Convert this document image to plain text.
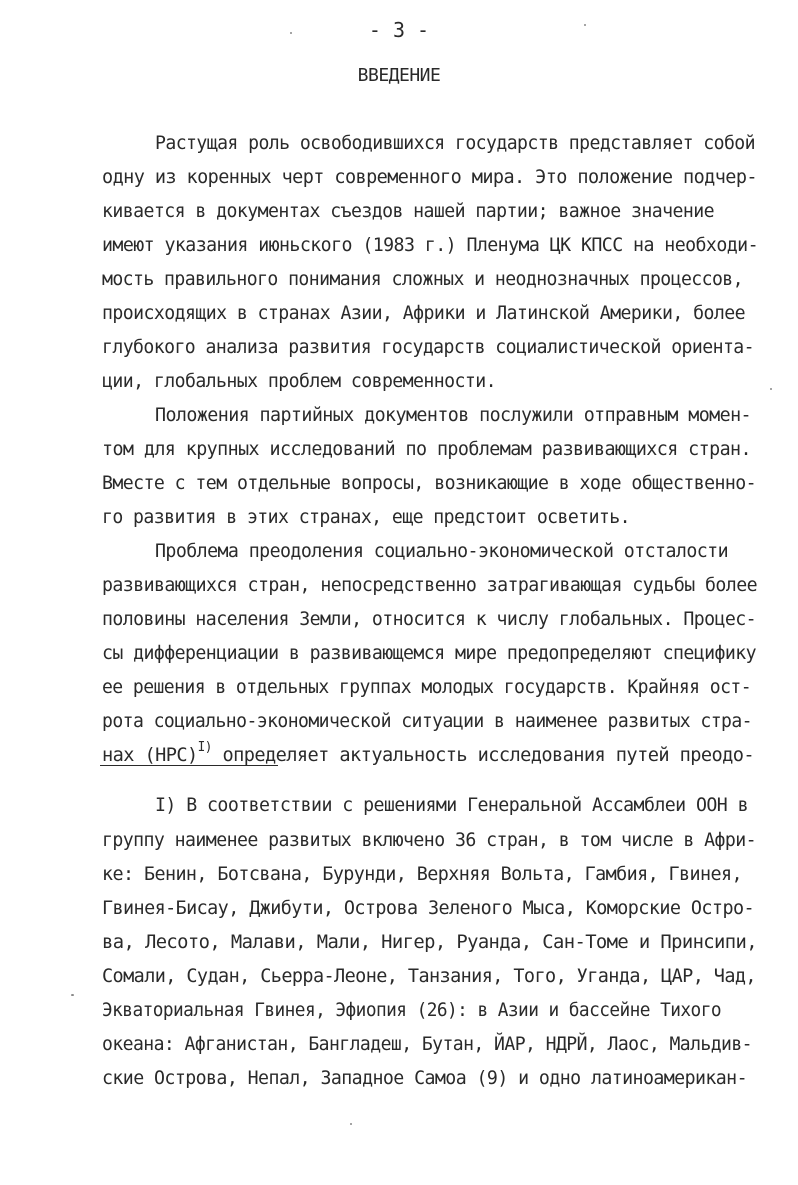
- 3 -
ВВЕДЕНИЕ
Растущая роль освободившихся государств представляет собой
одну из коренных черт современного мира. Это положение подчер-
кивается в документах съездов нашей партии; важное значение
имеют указания июньского (1983 г.) Пленума ЦК КПСС на необходи-
мость правильного понимания сложных и неоднозначных процессов,
происходящих в странах Азии, Африки и Латинской Америки, более
глубокого анализа развития государств социалистической ориента-
ции, глобальных проблем современности.
Положения партийных документов послужили отправным момен-
том для крупных исследований по проблемам развивающихся стран.
Вместе с тем отдельные вопросы, возникающие в ходе общественно-
го развития в этих странах, еще предстоит осветить.
Проблема преодоления социально-экономической отсталости
развивающихся стран, непосредственно затрагивающая судьбы более
половины населения Земли, относится к числу глобальных. Процес-
сы дифференциации в развивающемся мире предопределяют специфику
ее решения в отдельных группах молодых государств. Крайняя ост-
рота социально-экономической ситуации в наименее развитых стра-
нах (НРС)$^{I)}$ определяет актуальность исследования путей преодо-
I) В соответствии с решениями Генеральной Ассамблеи ООН в
группу наименее развитых включено 36 стран, в том числе в Афри-
ке: Бенин, Ботсвана, Бурунди, Верхняя Вольта, Гамбия, Гвинея,
Гвинея-Бисау, Джибути, Острова Зеленого Мыса, Коморские Остро-
ва, Лесото, Малави, Мали, Нигер, Руанда, Сан-Томе и Принсипи,
Сомали, Судан, Сьерра-Леоне, Танзания, Того, Уганда, ЦАР, Чад,
Экваториальная Гвинея, Эфиопия (26): в Азии и бассейне Тихого
океана: Афганистан, Бангладеш, Бутан, ЙАР, НДРЙ, Лаос, Мальдив-
ские Острова, Непал, Западное Самоа (9) и одно латиноамерикан-
